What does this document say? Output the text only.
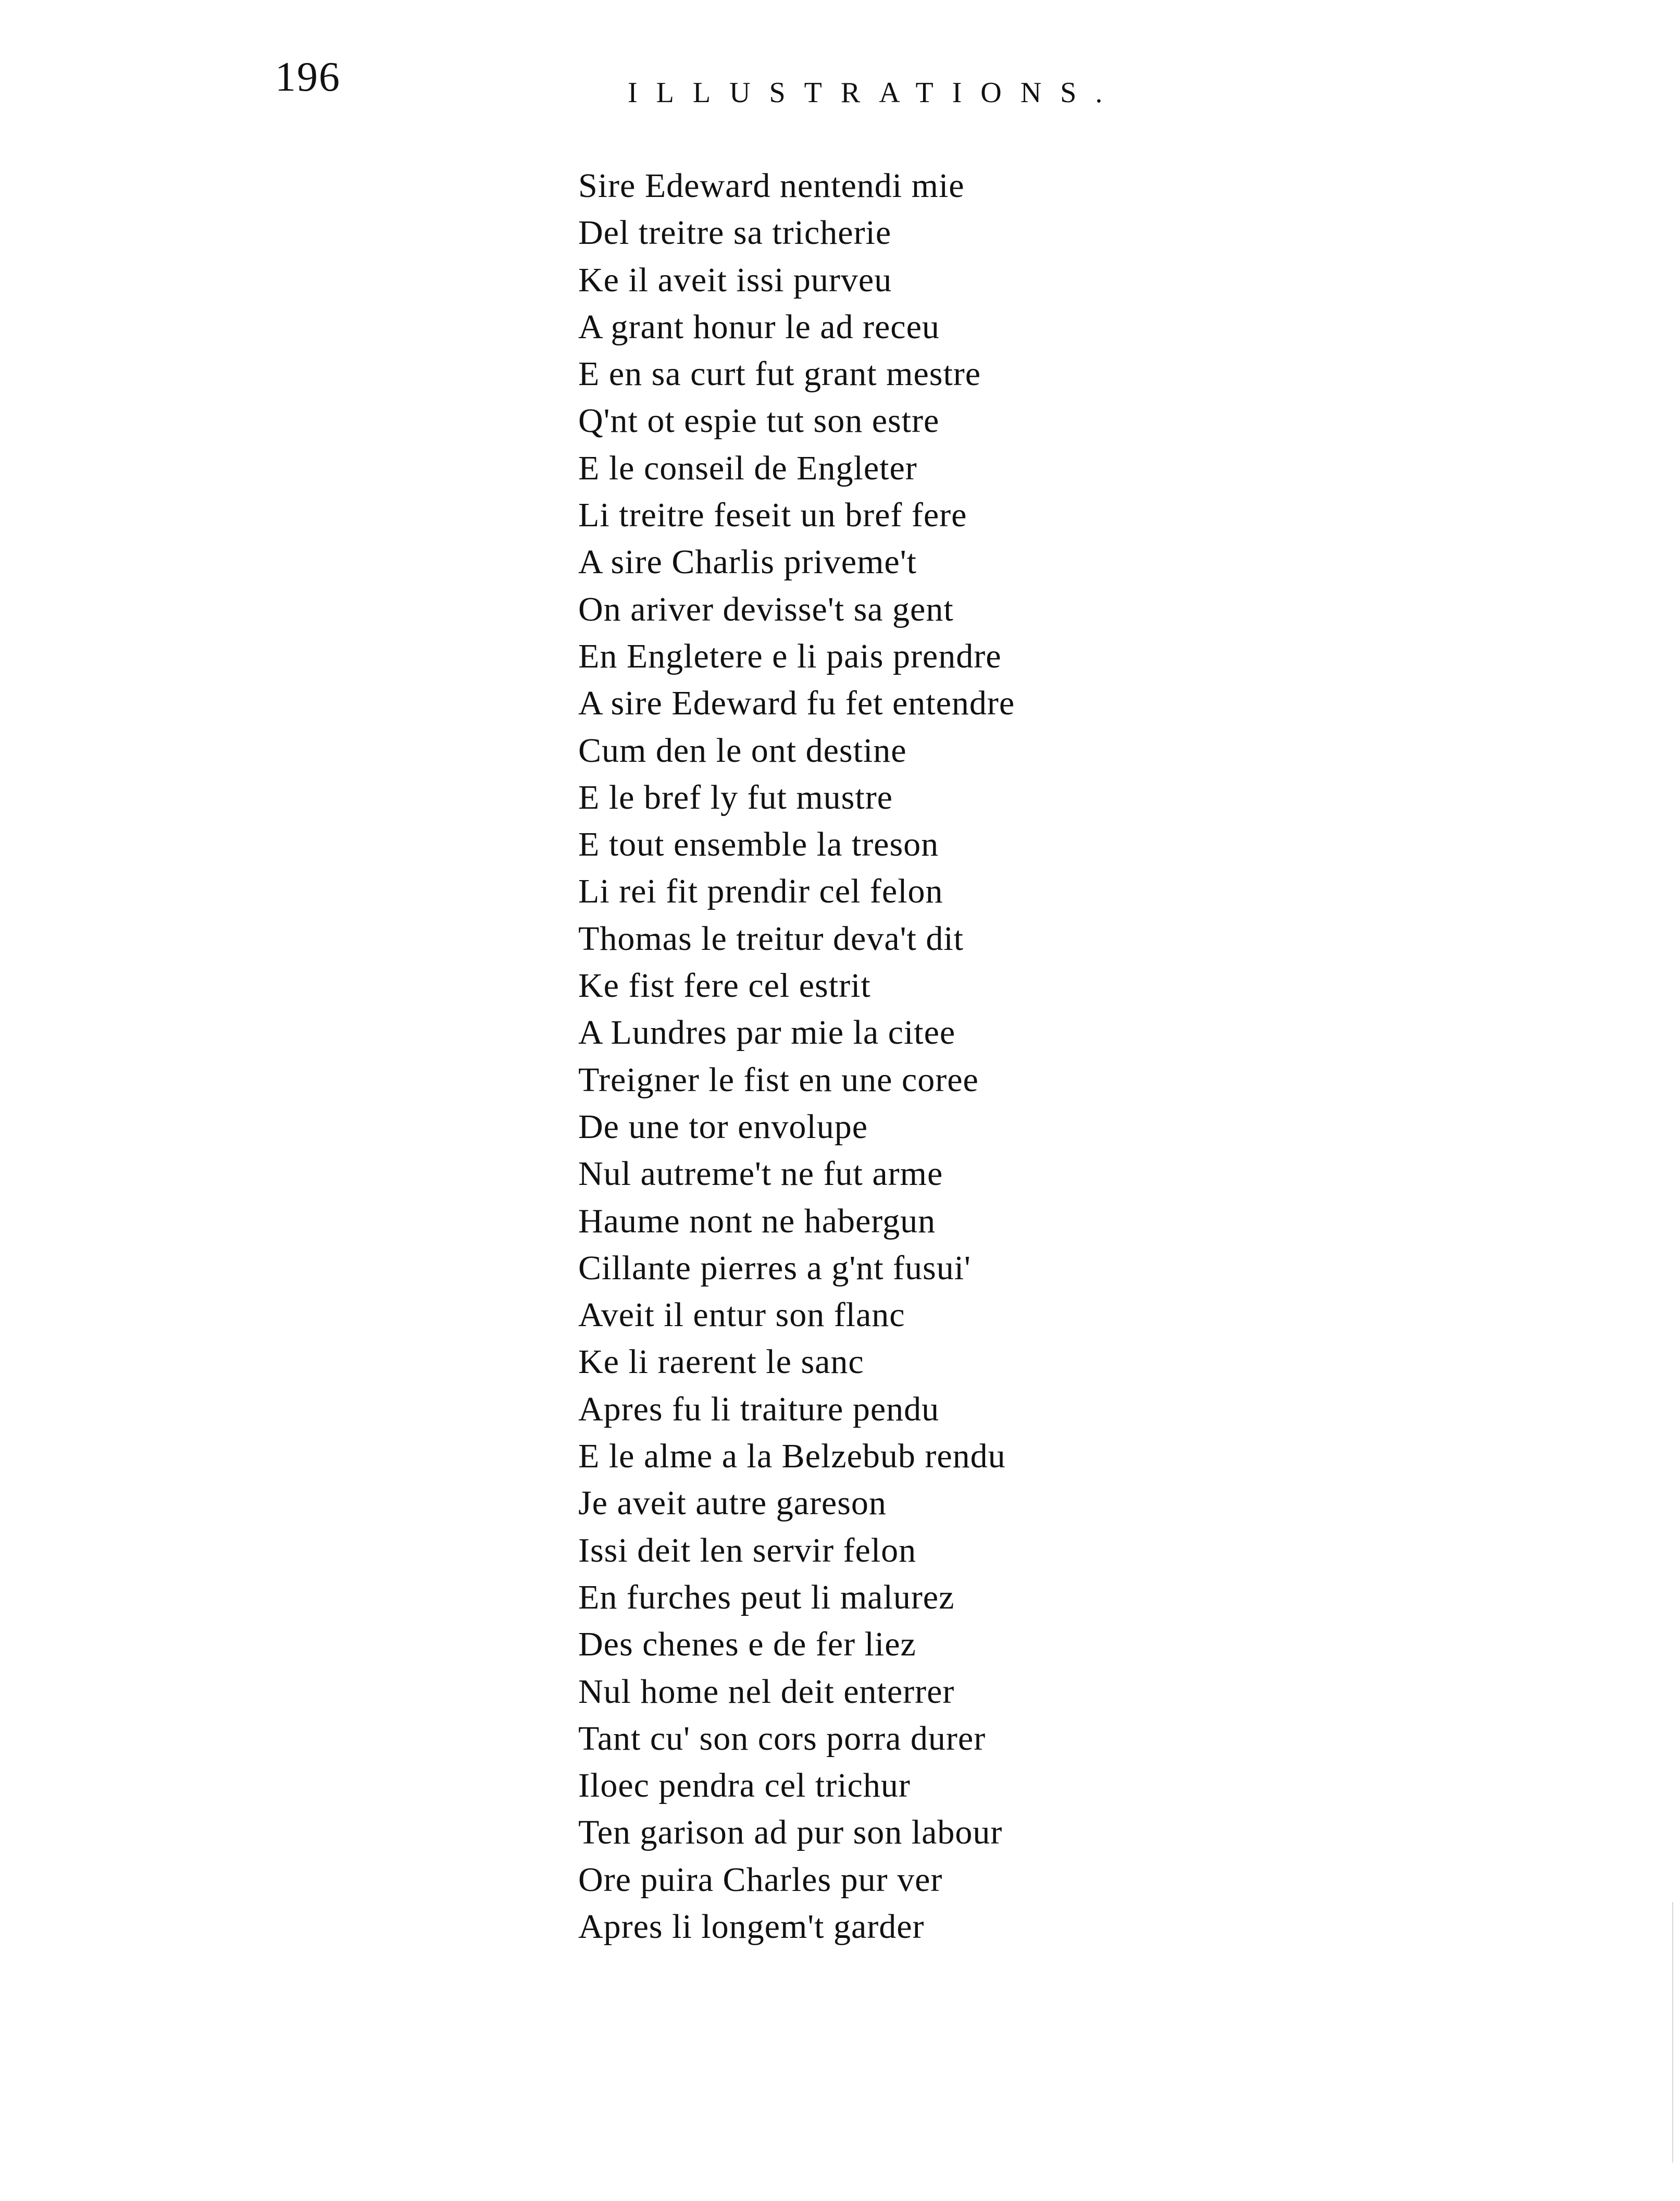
196	ILLUSTRATIONS.
Sire Edeward nentendi mie
Del treitre sa tricherie
Ke il aveit issi purveu
A grant honur le ad receu
E en sa curt fut grant mestre
Q'nt ot espie tut son estre
E le conseil de Engleter
Li treitre feseit un bref fere
A sire Charlis priveme't
On ariver devisse't sa gent
En Engletere e li pais prendre
A sire Edeward fu fet entendre
Cum den le ont destine
E le bref ly fut mustre
E tout ensemble la treson
Li rei fit prendir cel felon
Thomas le treitur deva't dit
Ke fist fere cel estrit
A Lundres par mie la citee
Treigner le fist en une coree
De une tor envolupe
Nul autreme't ne fut arme
Haume nont ne habergun
Cillante pierres a g'nt fusui'
Aveit il entur son flanc
Ke li raerent le sanc
Apres fu li traiture pendu
E le alme a la Belzebub rendu
Je aveit autre gareson
Issi deit len servir felon
En furches peut li malurez
Des chenes e de fer liez
Nul home nel deit enterrer
Tant cu' son cors porra durer
Iloec pendra cel trichur
Ten garison ad pur son labour
Ore puira Charles pur ver
Apres li longem't garder
